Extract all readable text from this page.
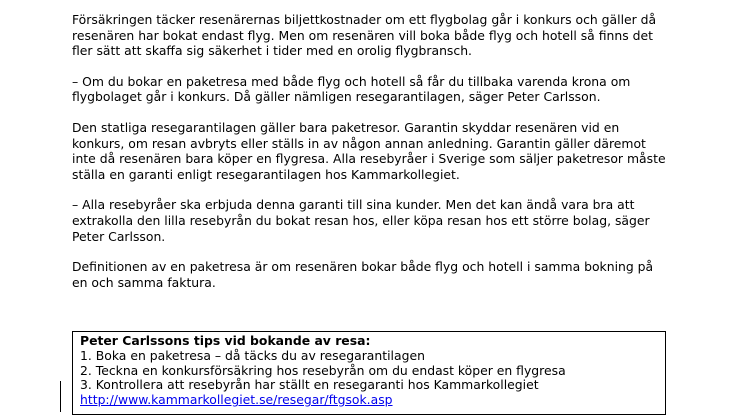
Försäkringen täcker resenärernas biljettkostnader om ett flygbolag går i konkurs och gäller då resenären har bokat endast flyg. Men om resenären vill boka både flyg och hotell så finns det fler sätt att skaffa sig säkerhet i tider med en orolig flygbransch.

– Om du bokar en paketresa med både flyg och hotell så får du tillbaka varenda krona om flygbolaget går i konkurs. Då gäller nämligen resegarantilagen, säger Peter Carlsson.

Den statliga resegarantilagen gäller bara paketresor. Garantin skyddar resenären vid en konkurs, om resan avbryts eller ställs in av någon annan anledning. Garantin gäller däremot inte då resenären bara köper en flygresa. Alla resebyråer i Sverige som säljer paketresor måste ställa en garanti enligt resegarantilagen hos Kammarkollegiet.

– Alla resebyråer ska erbjuda denna garanti till sina kunder. Men det kan ändå vara bra att extrakolla den lilla resebyrån du bokat resan hos, eller köpa resan hos ett större bolag, säger Peter Carlsson.

Definitionen av en paketresa är om resenären bokar både flyg och hotell i samma bokning på en och samma faktura.

Peter Carlssons tips vid bokande av resa:
1. Boka en paketresa – då täcks du av resegarantilagen
2. Teckna en konkursförsäkring hos resebyrån om du endast köper en flygresa
3. Kontrollera att resebyrån har ställt en resegaranti hos Kammarkollegiet
http://www.kammarkollegiet.se/resegar/ftgsok.asp
